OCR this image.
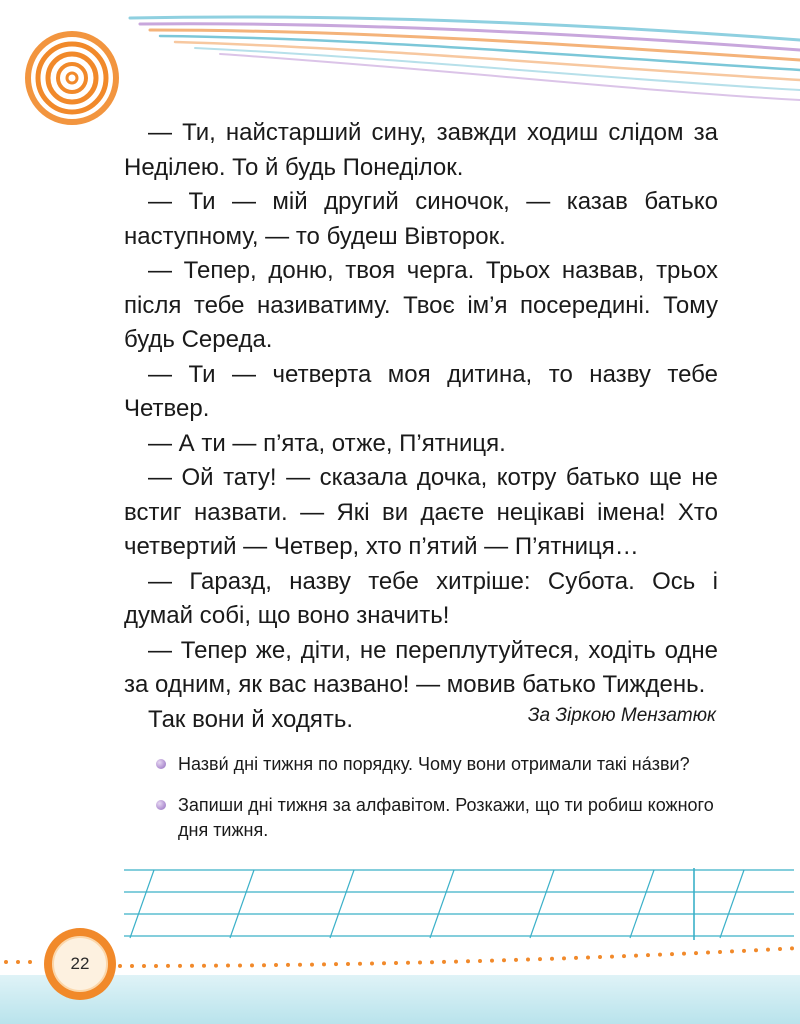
— Ти, найстарший сину, завжди ходиш слідом за Неділею. То й будь Понеділок.

— Ти — мій другий синочок, — казав батько наступному, — то будеш Вівторок.

— Тепер, доню, твоя черга. Трьох назвав, трьох після тебе називатиму. Твоє ім’я посередині. Тому будь Середа.

— Ти — четверта моя дитина, то назву тебе Четвер.

— А ти — п’ята, отже, П’ятниця.

— Ой тату! — сказала дочка, котру батько ще не встиг назвати. — Які ви даєте нецікаві імена! Хто четвертий — Четвер, хто п’ятий — П’ятниця…

— Гаразд, назву тебе хитріше: Субота. Ось і думай собі, що воно значить!

— Тепер же, діти, не переплутуйтеся, ходіть одне за одним, як вас названо! — мовив батько Тиждень.

Так вони й ходять.	За Зіркою Мензатюк
Назви́ дні тижня по порядку. Чому вони отримали такі на́зви?
Запиши дні тижня за алфавітом. Розкажи, що ти робиш кожного дня тижня.
22
